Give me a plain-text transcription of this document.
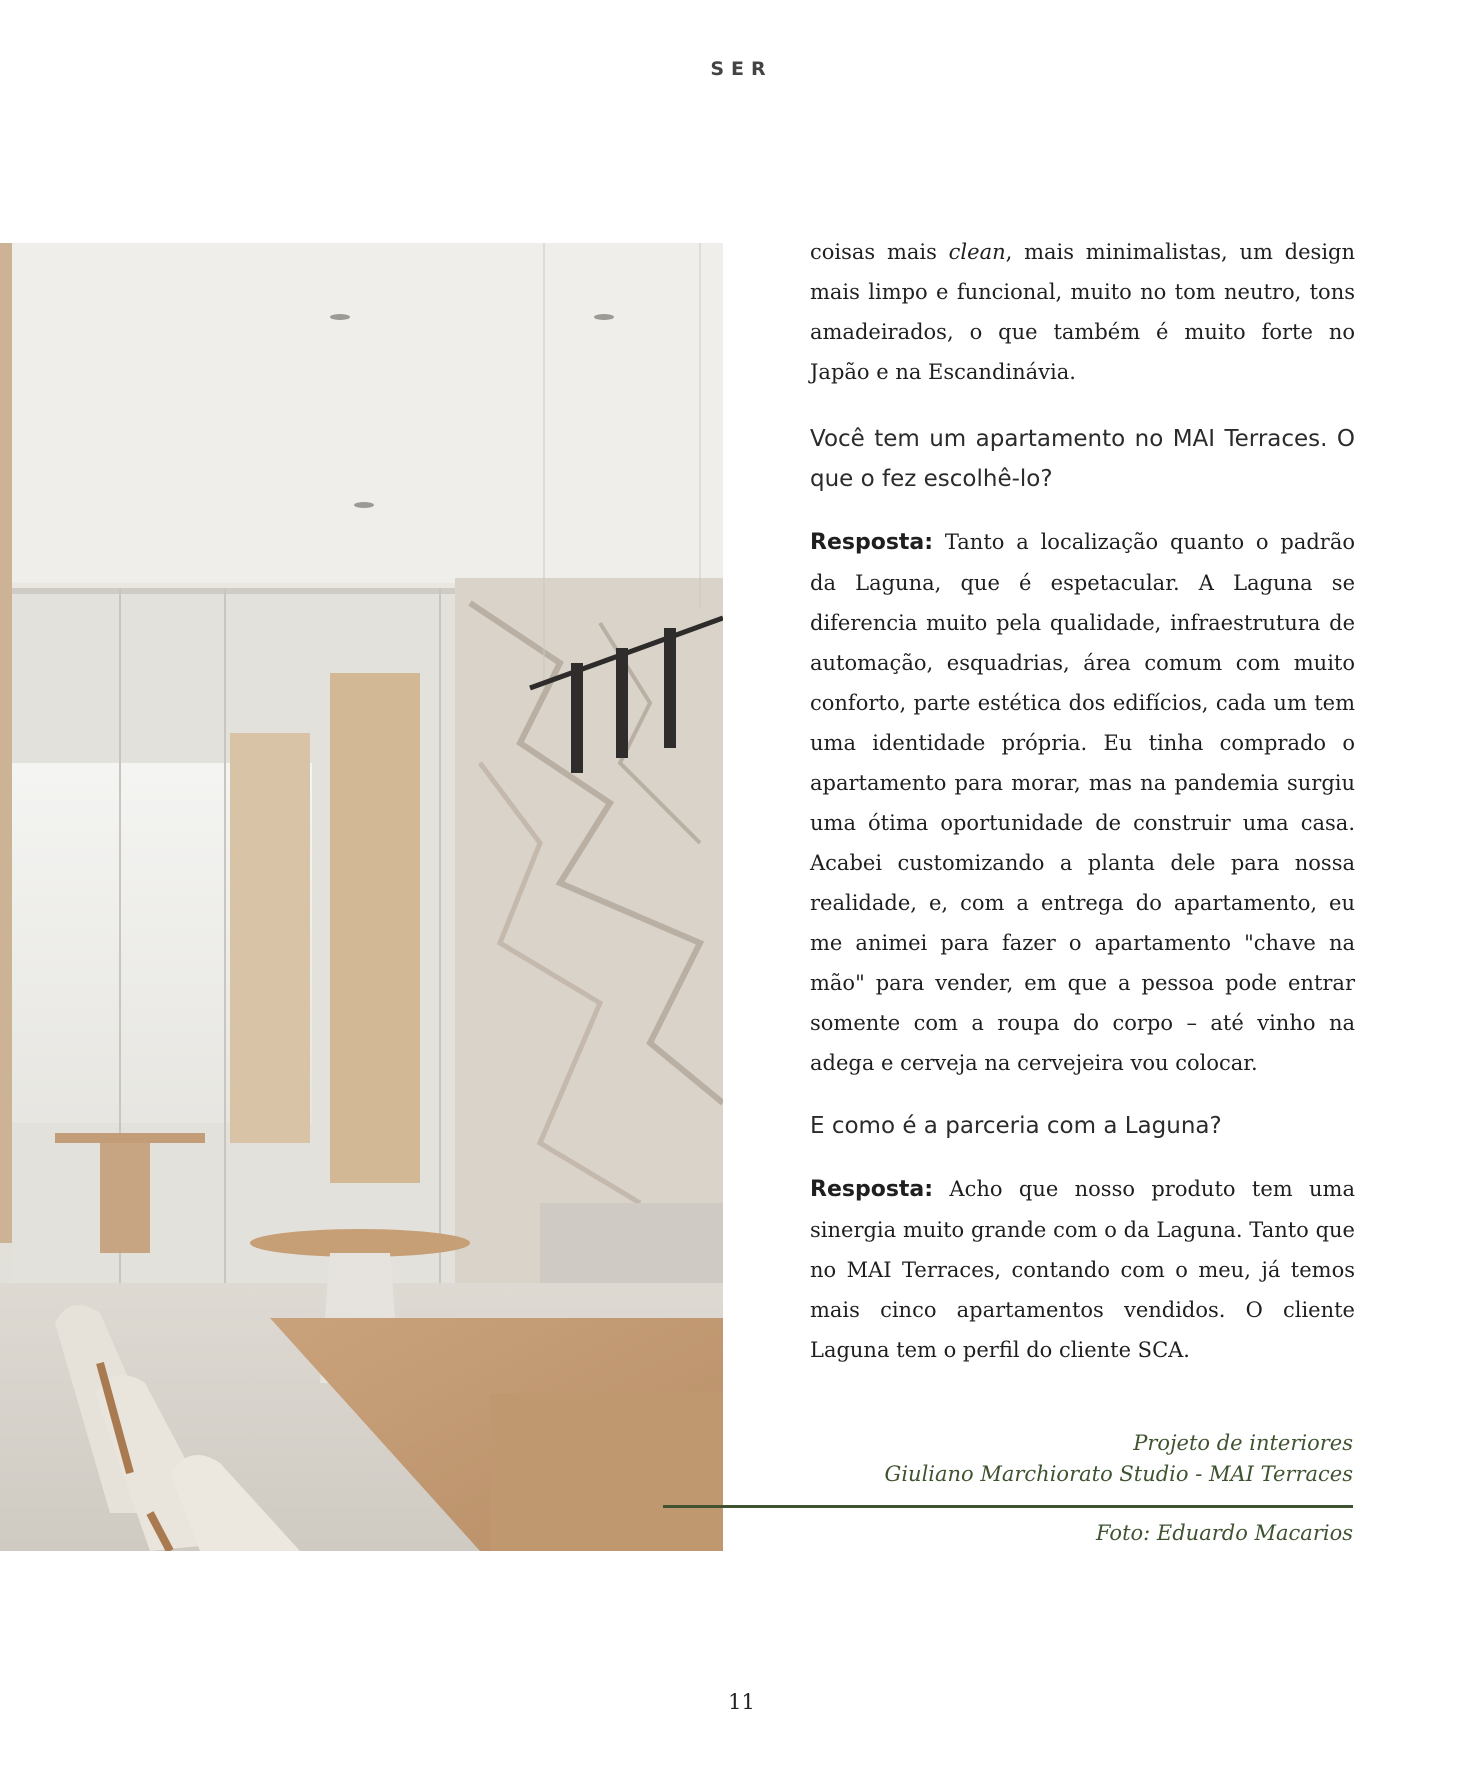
SER

coisas mais clean, mais minimalistas, um design mais limpo e funcional, muito no tom neutro, tons amadeirados, o que também é muito forte no Japão e na Escandinávia.

Você tem um apartamento no MAI Terraces. O que o fez escolhê-lo?

Resposta: Tanto a localização quanto o padrão da Laguna, que é espetacular. A Laguna se diferencia muito pela qualidade, infraestrutura de automação, esquadrias, área comum com muito conforto, parte estética dos edifícios, cada um tem uma identidade própria. Eu tinha comprado o apartamento para morar, mas na pandemia surgiu uma ótima oportunidade de construir uma casa. Acabei customizando a planta dele para nossa realidade, e, com a entrega do apartamento, eu me animei para fazer o apartamento "chave na mão" para vender, em que a pessoa pode entrar somente com a roupa do corpo – até vinho na adega e cerveja na cervejeira vou colocar.

E como é a parceria com a Laguna?

Resposta: Acho que nosso produto tem uma sinergia muito grande com o da Laguna. Tanto que no MAI Terraces, contando com o meu, já temos mais cinco apartamentos vendidos. O cliente Laguna tem o perfil do cliente SCA.

Projeto de interiores
Giuliano Marchiorato Studio - MAI Terraces
Foto: Eduardo Macarios
11
